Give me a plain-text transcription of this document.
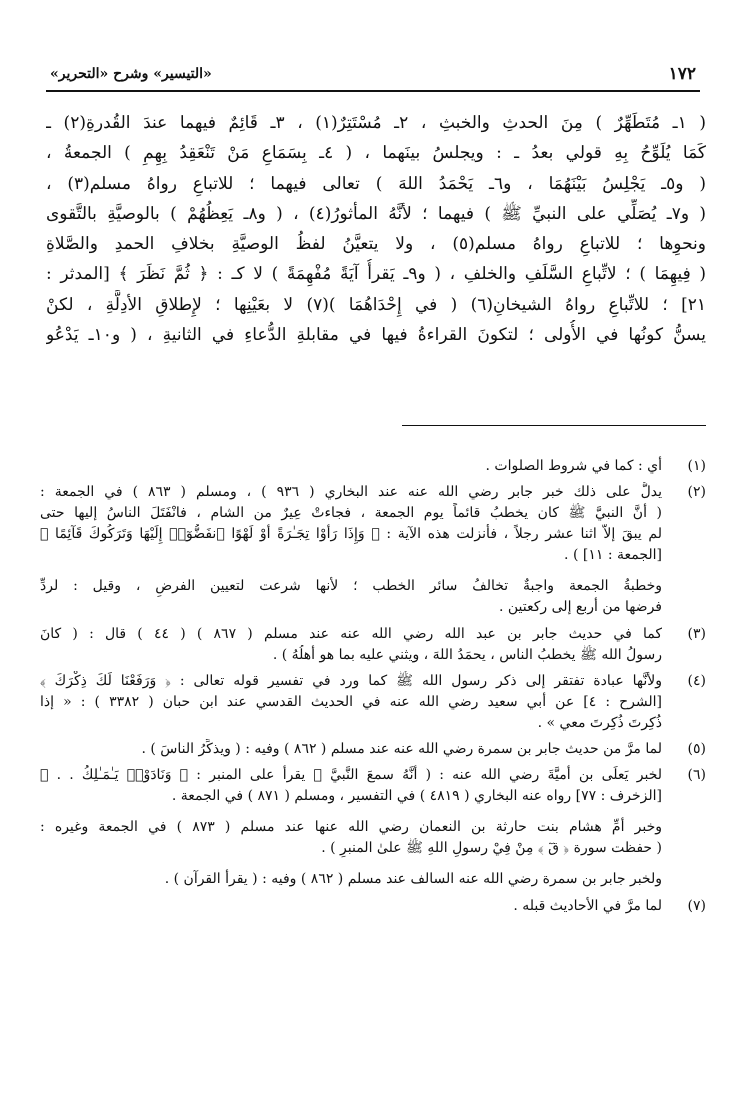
١٧٢
«التيسير» وشرح «التحرير»

( ١ـ مُتَطَهِّرٌ ) مِنَ الحدثِ والخبثِ ، ٢ـ مُسْتَتِرٌ(١) ، ٣ـ قَائِمٌ فيهما عندَ القُدرةِ(٢) ـ

كَمَا يُلَوِّحُ بِهِ قولي بعدُ ـ : ويجلسُ بينَهما ، ( ٤ـ بِسَمَاعِ مَنْ تَنْعَقِدُ بِهِمِ ) الجمعةُ ،

( و٥ـ يَجْلِسُ بَيْنَهُمَا ، و٦ـ يَحْمَدُ اللهَ ) تعالى فيهما ؛ للاتباعِ رواهُ مسلم(٣) ،

( و٧ـ يُصَلِّي على النبيِّ ﷺ ) فيهما ؛ لأنَّهُ المأثورُ(٤) ، ( و٨ـ يَعِظُهُمْ ) بالوصيَّةِ بالتَّقوى

ونحوِها ؛ للاتباعِ رواهُ مسلم(٥) ، ولا يتعيَّنُ لفظُ الوصيَّةِ بخلافِ الحمدِ والصَّلاةِ

( فِيهِمَا ) ؛ لاتِّباعِ السَّلَفِ والخلفِ ، ( و٩ـ يَقرأُ آيَةً مُفْهِمَةً ) لا كـ : ﴿ ثُمَّ نَظَرَ ﴾ [المدثر :

٢١] ؛ للاتِّباعِ رواهُ الشيخانِ(٦) ( في إِحْدَاهُمَا )(٧) لا بعَيْنِها ؛ لإِطلاقِ الأدِلَّةِ ، لكنْ

يسنُّ كونُها في الأُولى ؛ لتكونَ القراءةُ فيها في مقابلةِ الدُّعاءِ في الثانيةِ ، ( و١٠ـ يَدْعُو

(١)

أي : كما في شروط الصلوات .

(٢)

يدلُّ على ذلك خبر جابر رضي الله عنه عند البخاري ( ٩٣٦ ) ، ومسلم ( ٨٦٣ ) في الجمعة :

( أَنَّ النبيَّ ﷺ كان يخطبُ قائماً يوم الجمعة ، فجاءتْ عِيرٌ من الشام ، فانْفَتَلَ الناسُ إليها حتى

لم يبقَ إلاَّ اثنا عشر رجلاً ، فأنزلت هذه الآية : ﴿ وَإِذَا رَأَوْا تِجَـٰرَةً أَوْ لَهْوًا ٱنفَضُّوٓا۟ إِلَيْهَا وَتَرَكُوكَ قَآئِمًا ﴾

[الجمعة : ١١] ) .

وخطبةُ الجمعة واجبةٌ تخالفُ سائر الخطب ؛ لأنها شرعت لتعيين الفرضِ ، وقيل : لردِّ

فرضها من أربع إلى ركعتين .

(٣)

كما في حديث جابر بن عبد الله رضي الله عنه عند مسلم ( ٨٦٧ ) ( ٤٤ ) قال : ( كانَ

رسولُ الله ﷺ يخطبُ الناس ، يحمَدُ اللهَ ، ويثني عليه بما هو أهلُهُ ) .

(٤)

ولأنَّها عبادة تفتقر إلى ذكر رسول الله ﷺ كما ورد في تفسير قوله تعالى : ﴿ وَرَفَعْنَا لَكَ ذِكْرَكَ ﴾

[الشرح : ٤] عن أبي سعيد رضي الله عنه في الحديث القدسي عند ابن حبان ( ٣٣٨٢ ) : « إذا

ذُكِرتَ ذُكِرتَ معي » .

(٥)

لما مرَّ من حديث جابر بن سمرة رضي الله عنه عند مسلم ( ٨٦٢ ) وفيه : ( ويذكِّرُ الناسَ ) .

(٦)

لخبر يَعلَى بن أميَّةَ رضي الله عنه : ( أَنَّهُ سمعَ النَّبيَّ ﷺ يقرأ على المنبر : ﴿ وَنَادَوْا۟ يَـٰمَـٰلِكُ . . ﴾

[الزخرف : ٧٧] رواه عنه البخاري ( ٤٨١٩ ) في التفسير ، ومسلم ( ٨٧١ ) في الجمعة .

وخبر أُمِّ هشام بنت حارثة بن النعمان رضي الله عنها عند مسلم ( ٨٧٣ ) في الجمعة وغيره :

( حفظت سورة ﴿ قٓ ﴾ مِنْ فِيْ رسولِ اللهِ ﷺ علىٰ المنبرِ ) .

ولخبر جابر بن سمرة رضي الله عنه السالف عند مسلم ( ٨٦٢ ) وفيه : ( يقرأ القرآن ) .

(٧)

لما مرَّ في الأحاديث قبله .
